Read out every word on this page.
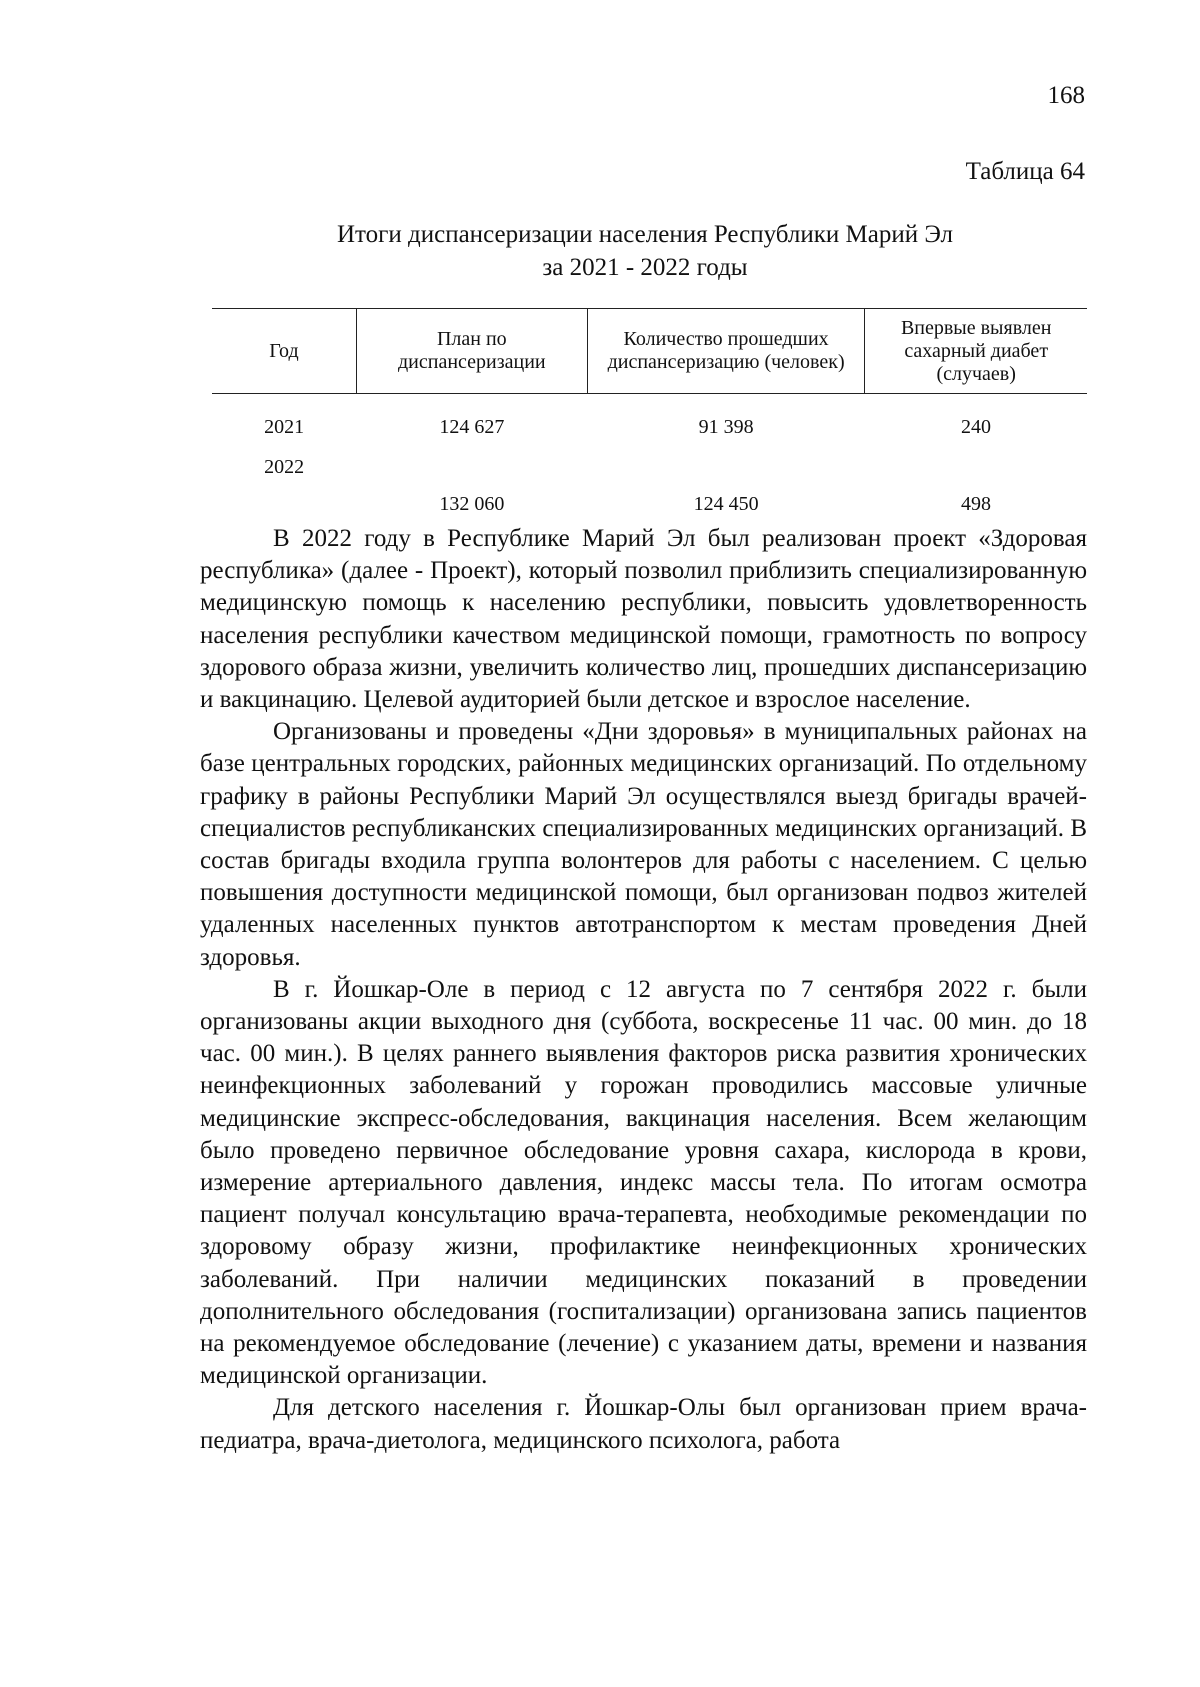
168
Таблица 64
Итоги диспансеризации населения Республики Марий Эл
за 2021 - 2022 годы
Год	План по диспансеризации	Количество прошедших диспансеризацию (человек)	Впервые выявлен сахарный диабет (случаев)
2021	124 627	91 398	240
2022	132 060	124 450	498

В 2022 году в Республике Марий Эл был реализован проект «Здоровая республика» (далее - Проект), который позволил приблизить специализированную медицинскую помощь к населению республики, повысить удовлетворенность населения республики качеством медицинской помощи, грамотность по вопросу здорового образа жизни, увеличить количество лиц, прошедших диспансеризацию и вакцинацию. Целевой аудиторией были детское и взрослое население.

Организованы и проведены «Дни здоровья» в муниципальных районах на базе центральных городских, районных медицинских организаций. По отдельному графику в районы Республики Марий Эл осуществлялся выезд бригады врачей-специалистов республиканских специализированных медицинских организаций. В состав бригады входила группа волонтеров для работы с населением. С целью повышения доступности медицинской помощи, был организован подвоз жителей удаленных населенных пунктов автотранспортом к местам проведения Дней здоровья.

В г. Йошкар-Оле в период с 12 августа по 7 сентября 2022 г. были организованы акции выходного дня (суббота, воскресенье 11 час. 00 мин. до 18 час. 00 мин.). В целях раннего выявления факторов риска развития хронических неинфекционных заболеваний у горожан проводились массовые уличные медицинские экспресс-обследования, вакцинация населения. Всем желающим было проведено первичное обследование уровня сахара, кислорода в крови, измерение артериального давления, индекс массы тела. По итогам осмотра пациент получал консультацию врача-терапевта, необходимые рекомендации по здоровому образу жизни, профилактике неинфекционных хронических заболеваний. При наличии медицинских показаний в проведении дополнительного обследования (госпитализации) организована запись пациентов на рекомендуемое обследование (лечение) с указанием даты, времени и названия медицинской организации.

Для детского населения г. Йошкар-Олы был организован прием врача-педиатра, врача-диетолога, медицинского психолога, работа
